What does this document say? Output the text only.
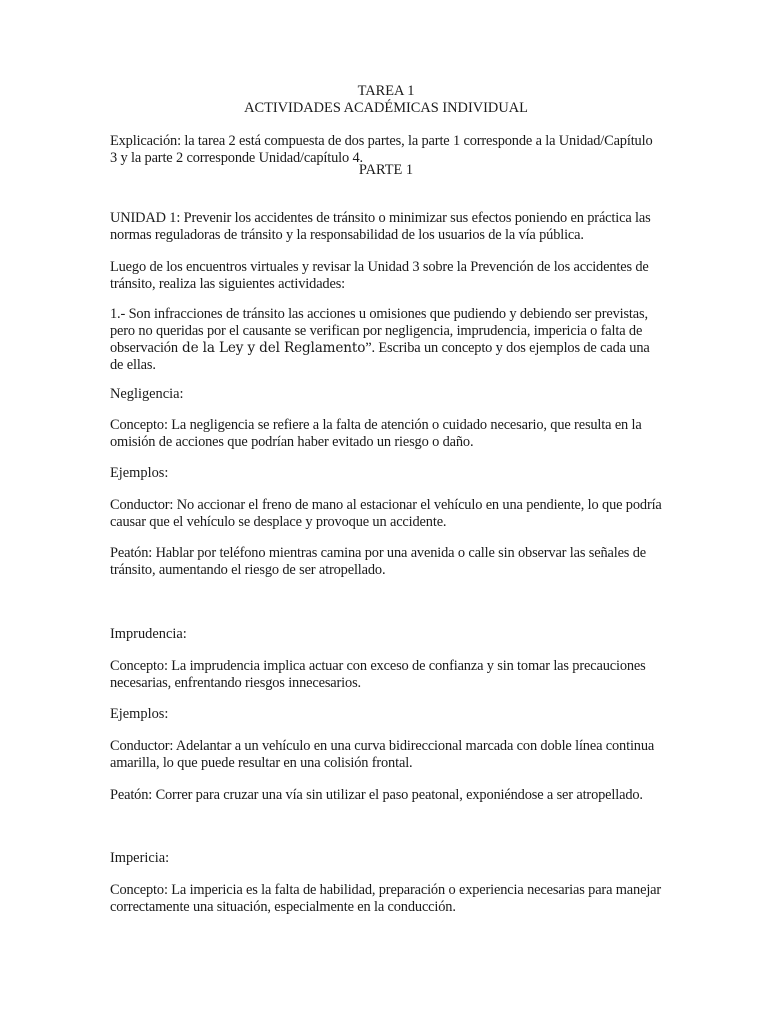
TAREA 1

ACTIVIDADES ACADÉMICAS INDIVIDUAL

Explicación: la tarea 2 está compuesta de dos partes, la parte 1 corresponde a la Unidad/Capítulo 3 y la parte 2 corresponde Unidad/capítulo 4.

PARTE 1

UNIDAD 1: Prevenir los accidentes de tránsito o minimizar sus efectos poniendo en práctica las normas reguladoras de tránsito y la responsabilidad de los usuarios de la vía pública.

Luego de los encuentros virtuales y revisar la Unidad 3 sobre la Prevención de los accidentes de tránsito, realiza las siguientes actividades:

1.- Son infracciones de tránsito las acciones u omisiones que pudiendo y debiendo ser previstas, pero no queridas por el causante se verifican por negligencia, imprudencia, impericia o falta de observación de la Ley y del Reglamento”. Escriba un concepto y dos ejemplos de cada una de ellas.

Negligencia:

Concepto: La negligencia se refiere a la falta de atención o cuidado necesario, que resulta en la omisión de acciones que podrían haber evitado un riesgo o daño.

Ejemplos:

Conductor: No accionar el freno de mano al estacionar el vehículo en una pendiente, lo que podría causar que el vehículo se desplace y provoque un accidente.

Peatón: Hablar por teléfono mientras camina por una avenida o calle sin observar las señales de tránsito, aumentando el riesgo de ser atropellado.

Imprudencia:

Concepto: La imprudencia implica actuar con exceso de confianza y sin tomar las precauciones necesarias, enfrentando riesgos innecesarios.

Ejemplos:

Conductor: Adelantar a un vehículo en una curva bidireccional marcada con doble línea continua amarilla, lo que puede resultar en una colisión frontal.

Peatón: Correr para cruzar una vía sin utilizar el paso peatonal, exponiéndose a ser atropellado.

Impericia:

Concepto: La impericia es la falta de habilidad, preparación o experiencia necesarias para manejar correctamente una situación, especialmente en la conducción.
